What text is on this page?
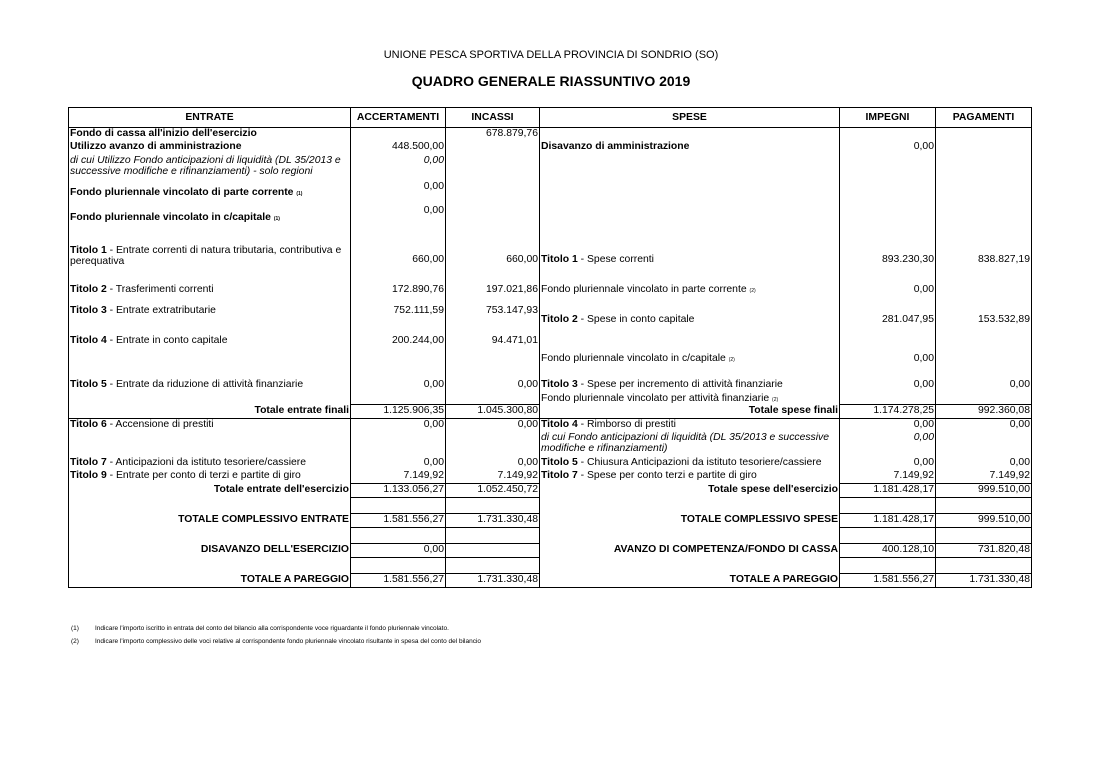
UNIONE PESCA SPORTIVA DELLA PROVINCIA DI SONDRIO (SO)
QUADRO GENERALE RIASSUNTIVO 2019
ENTRATE	ACCERTAMENTI	INCASSI	SPESE	IMPEGNI	PAGAMENTI
Fondo di cassa all'inizio dell'esercizio		678.879,76			
Utilizzo avanzo di amministrazione	448.500,00		Disavanzo di amministrazione	0,00	
di cui Utilizzo Fondo anticipazioni di liquidità (DL 35/2013 e successive modifiche e rifinanziamenti) - solo regioni	0,00				
Fondo pluriennale vincolato di parte corrente (1)	0,00				
Fondo pluriennale vincolato in c/capitale (1)	0,00				

Titolo 1 - Entrate correnti di natura tributaria, contributiva e perequativa	660,00	660,00	Titolo 1 - Spese correnti	893.230,30	838.827,19
Titolo 2 - Trasferimenti correnti	172.890,76	197.021,86	Fondo pluriennale vincolato in parte corrente (2)	0,00	
Titolo 3 - Entrate extratributarie	752.111,59	753.147,93	Titolo 2 - Spese in conto capitale	281.047,95	153.532,89

Titolo 4 - Entrate in conto capitale	200.244,00	94.471,01	Fondo pluriennale vincolato in c/capitale (2)	0,00	

Titolo 5 - Entrate da riduzione di attività finanziarie	0,00	0,00	Titolo 3 - Spese per incremento di attività finanziarie	0,00	0,00
			Fondo pluriennale vincolato per attività finanziarie (2)		
Totale entrate finali	1.125.906,35	1.045.300,80	Totale spese finali	1.174.278,25	992.360,08
Titolo 6 - Accensione di prestiti	0,00	0,00	Titolo 4 - Rimborso di prestiti	0,00	0,00
			di cui Fondo anticipazioni di liquidità (DL 35/2013 e successive modifiche e rifinanziamenti)	0,00	
Titolo 7 - Anticipazioni da istituto tesoriere/cassiere	0,00	0,00	Titolo 5 - Chiusura Anticipazioni da istituto tesoriere/cassiere	0,00	0,00
Titolo 9 - Entrate per conto di terzi e partite di giro	7.149,92	7.149,92	Titolo 7 - Spese per conto terzi e partite di giro	7.149,92	7.149,92
Totale entrate dell'esercizio	1.133.056,27	1.052.450,72	Totale spese dell'esercizio	1.181.428,17	999.510,00

TOTALE COMPLESSIVO ENTRATE	1.581.556,27	1.731.330,48	TOTALE COMPLESSIVO SPESE	1.181.428,17	999.510,00

DISAVANZO DELL'ESERCIZIO	0,00		AVANZO DI COMPETENZA/FONDO DI CASSA	400.128,10	731.820,48

TOTALE A PAREGGIO	1.581.556,27	1.731.330,48	TOTALE A PAREGGIO	1.581.556,27	1.731.330,48
(1) Indicare l'importo iscritto in entrata del conto del bilancio alla corrispondente voce riguardante il fondo pluriennale vincolato.
(2) Indicare l'importo complessivo delle voci relative al corrispondente fondo pluriennale vincolato risultante in spesa del conto del bilancio
